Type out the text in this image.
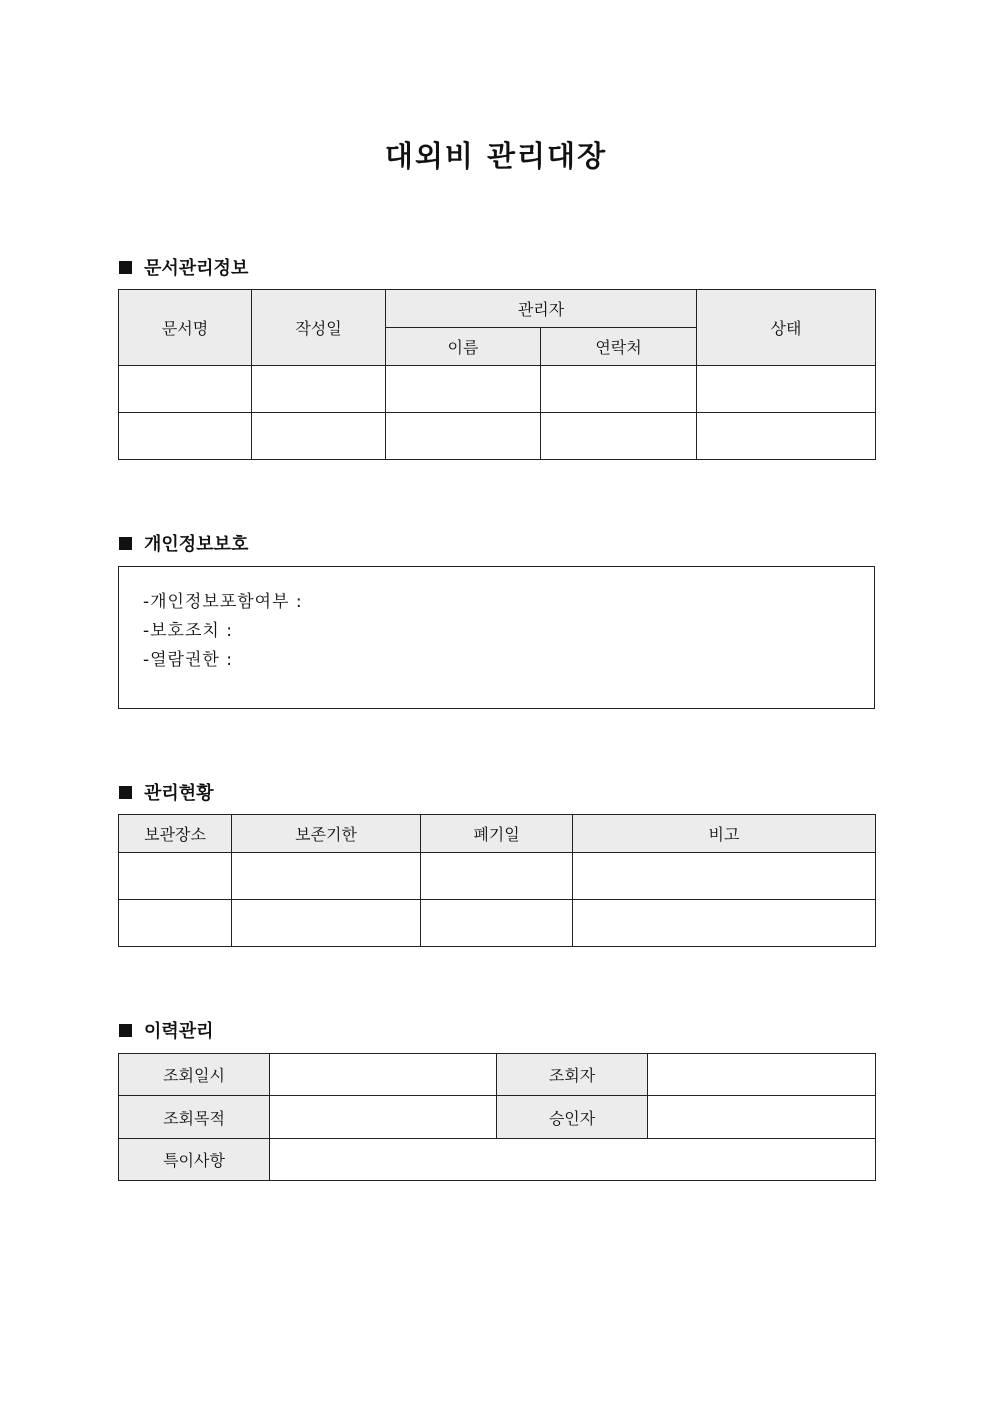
대외비 관리대장
문서관리정보
문서명	작성일	관리자		상태
		이름	연락처	

개인정보보호
-개인정보포함여부 :
-보호조치 :
-열람권한 :
관리현황
보관장소	보존기한	폐기일	비고

이력관리
조회일시		조회자	
조회목적		승인자	
특이사항			
